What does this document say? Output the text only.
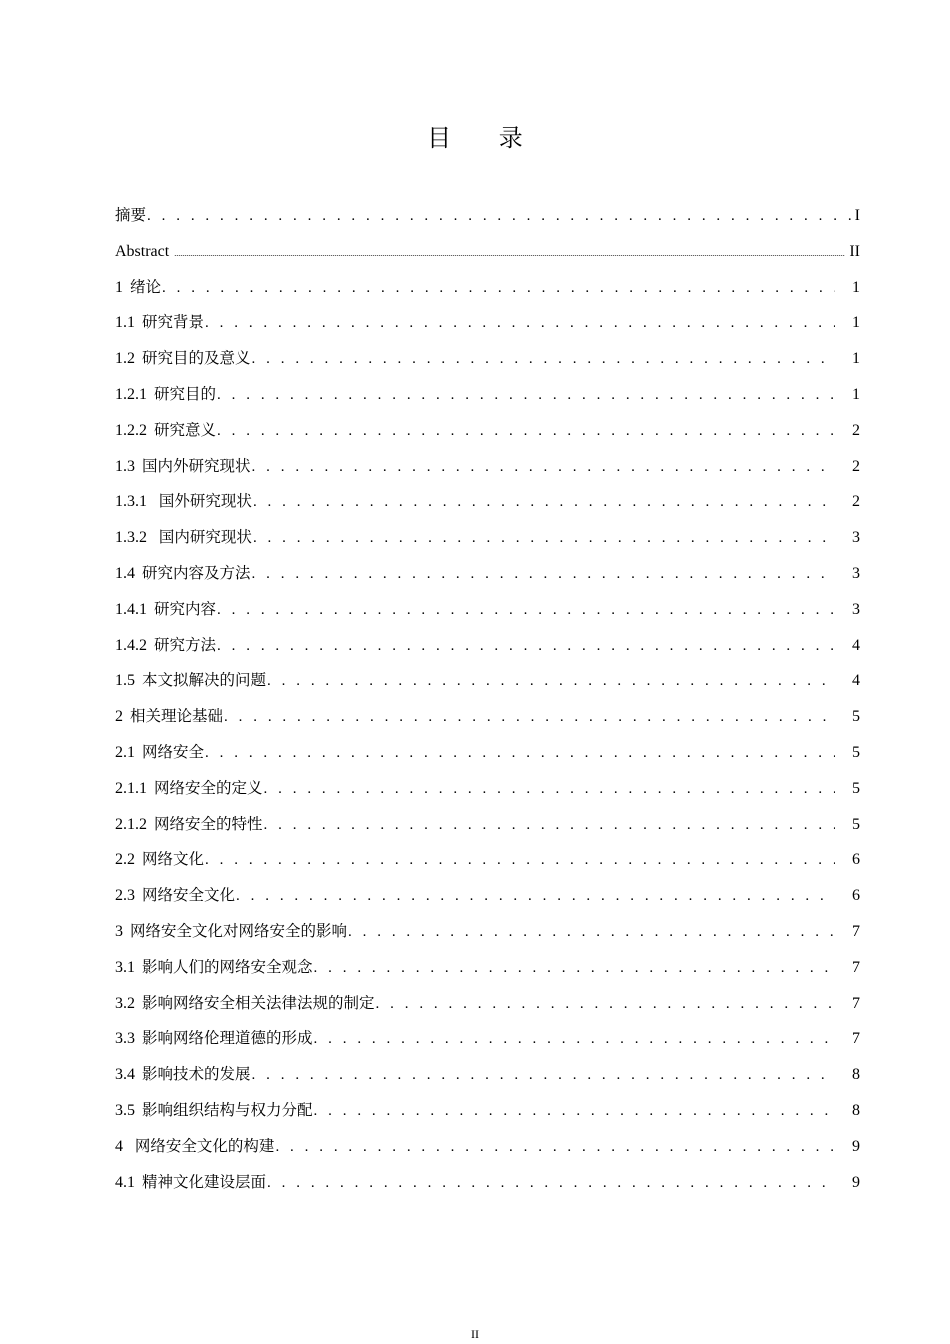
目 录
摘要 . . .	I
Abstract .....	II
1 绪论 . . .	1
1.1 研究背景 . . .	1
1.2 研究目的及意义 . . .	1
1.2.1 研究目的 . . .	1
1.2.2 研究意义 . . .	2
1.3 国内外研究现状 . . .	2
1.3.1 国外研究现状 . . .	2
1.3.2 国内研究现状 . . .	3
1.4 研究内容及方法 . . .	3
1.4.1 研究内容 . . .	3
1.4.2 研究方法 . . .	4
1.5 本文拟解决的问题 . . .	4
2 相关理论基础 . . .	5
2.1 网络安全 . . .	5
2.1.1 网络安全的定义 . . .	5
2.1.2 网络安全的特性 . . .	5
2.2 网络文化 . . .	6
2.3 网络安全文化 . . .	6
3 网络安全文化对网络安全的影响 . . .	7
3.1 影响人们的网络安全观念 . . .	7
3.2 影响网络安全相关法律法规的制定 . . .	7
3.3 影响网络伦理道德的形成 . . .	7
3.4 影响技术的发展 . . .	8
3.5 影响组织结构与权力分配 . . .	8
4 网络安全文化的构建 . . .	9
4.1 精神文化建设层面 . . .	9
II
